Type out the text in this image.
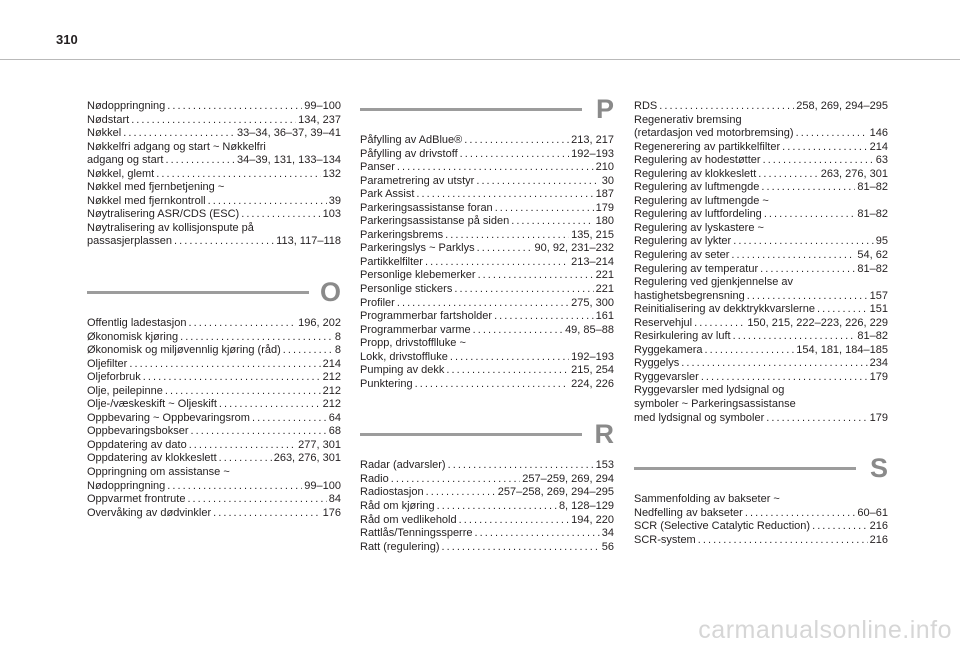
310
Nødoppringning . . .	99–100
Nødstart . . .	134, 237
Nøkkel . . .	33–34, 36–37, 39–41
Nøkkelfri adgang og start ~ Nøkkelfri
adgang og start . . .	34–39, 131, 133–134
Nøkkel, glemt . . .	132
Nøkkel med fjernbetjening ~
Nøkkel med fjernkontroll . . .	39
Nøytralisering ASR/CDS (ESC) . . .	103
Nøytralisering av kollisjonspute på
passasjerplassen . . .	113, 117–118
O
Offentlig ladestasjon . . .	196, 202
Økonomisk kjøring . . .	8
Økonomisk og miljøvennlig kjøring (råd) . . .	8
Oljefilter . . .	214
Oljeforbruk . . .	212
Olje, peilepinne . . .	212
Olje-/væskeskift ~ Oljeskift . . .	212
Oppbevaring ~ Oppbevaringsrom . . .	64
Oppbevaringsbokser . . .	68
Oppdatering av dato . . .	277, 301
Oppdatering av klokkeslett . . .	263, 276, 301
Oppringning om assistanse ~
Nødoppringning . . .	99–100
Oppvarmet frontrute . . .	84
Overvåking av dødvinkler . . .	176
P
Påfylling av AdBlue® . . .	213, 217
Påfylling av drivstoff . . .	192–193
Panser . . .	210
Parametrering av utstyr . . .	30
Park Assist . . .	187
Parkeringsassistanse foran . . .	179
Parkeringsassistanse på siden . . .	180
Parkeringsbrems . . .	135, 215
Parkeringslys ~ Parklys . . .	90, 92, 231–232
Partikkelfilter . . .	213–214
Personlige klebemerker . . .	221
Personlige stickers . . .	221
Profiler . . .	275, 300
Programmerbar fartsholder . . .	161
Programmerbar varme . . .	49, 85–88
Propp, drivstofflluke ~
Lokk, drivstoffluke . . .	192–193
Pumping av dekk . . .	215, 254
Punktering . . .	224, 226
R
Radar (advarsler) . . .	153
Radio . . .	257–259, 269, 294
Radiostasjon . . .	257–258, 269, 294–295
Råd om kjøring . . .	8, 128–129
Råd om vedlikehold . . .	194, 220
Rattlås/Tenningssperre . . .	34
Ratt (regulering) . . .	56
RDS . . .	258, 269, 294–295
Regenerativ bremsing
(retardasjon ved motorbremsing) . . .	146
Regenerering av partikkelfilter . . .	214
Regulering av hodestøtter . . .	63
Regulering av klokkeslett . . .	263, 276, 301
Regulering av luftmengde . . .	81–82
Regulering av luftmengde ~
Regulering av luftfordeling . . .	81–82
Regulering av lyskastere ~
Regulering av lykter . . .	95
Regulering av seter . . .	54, 62
Regulering av temperatur . . .	81–82
Regulering ved gjenkjennelse av
hastighetsbegrensning . . .	157
Reinitialisering av dekktrykkvarslerne . . .	151
Reservehjul . . .	150, 215, 222–223, 226, 229
Resirkulering av luft . . .	81–82
Ryggekamera . . .	154, 181, 184–185
Ryggelys . . .	234
Ryggevarsler . . .	179
Ryggevarsler med lydsignal og
symboler ~ Parkeringsassistanse
med lydsignal og symboler . . .	179
S
Sammenfolding av bakseter ~
Nedfelling av bakseter . . .	60–61
SCR (Selective Catalytic Reduction) . . .	216
SCR-system . . .	216
carmanualsonline.info
